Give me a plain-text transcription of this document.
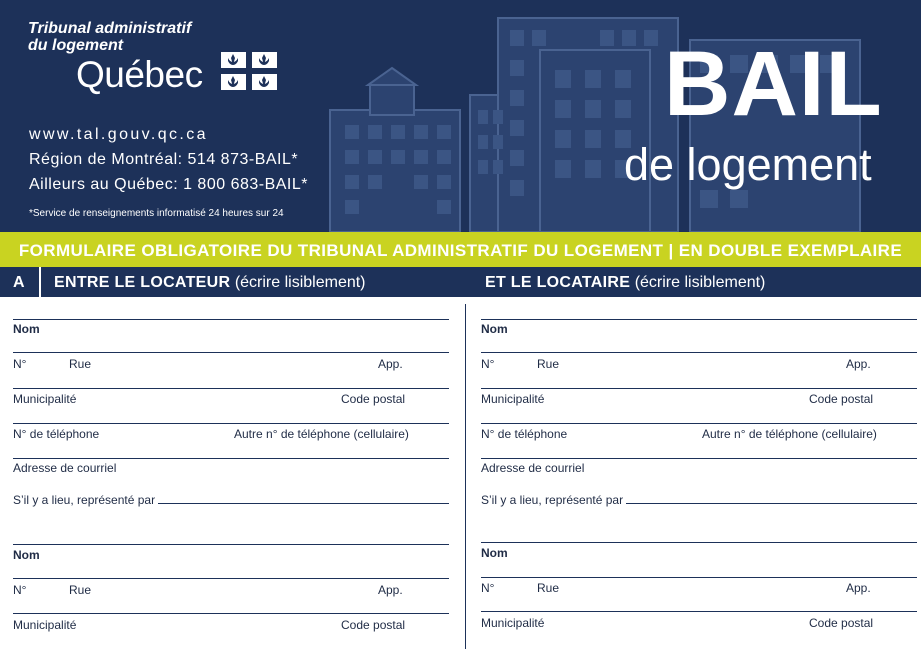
Tribunal administratif
du logement
Québec
www.tal.gouv.qc.ca
Région de Montréal: 514 873-BAIL*
Ailleurs au Québec: 1 800 683-BAIL*
*Service de renseignements informatisé 24 heures sur 24
BAIL
de logement
FORMULAIRE OBLIGATOIRE DU TRIBUNAL ADMINISTRATIF DU LOGEMENT | EN DOUBLE EXEMPLAIRE
A ENTRE LE LOCATEUR (écrire lisiblement)	ET LE LOCATAIRE (écrire lisiblement)
Nom
N°	Rue	App.
Municipalité	Code postal
N° de téléphone	Autre n° de téléphone (cellulaire)
Adresse de courriel
S’il y a lieu, représenté par
Nom
N°	Rue	App.
Municipalité	Code postal
Nom
N°	Rue	App.
Municipalité	Code postal
N° de téléphone	Autre n° de téléphone (cellulaire)
Adresse de courriel
S’il y a lieu, représenté par
Nom
N°	Rue	App.
Municipalité	Code postal
